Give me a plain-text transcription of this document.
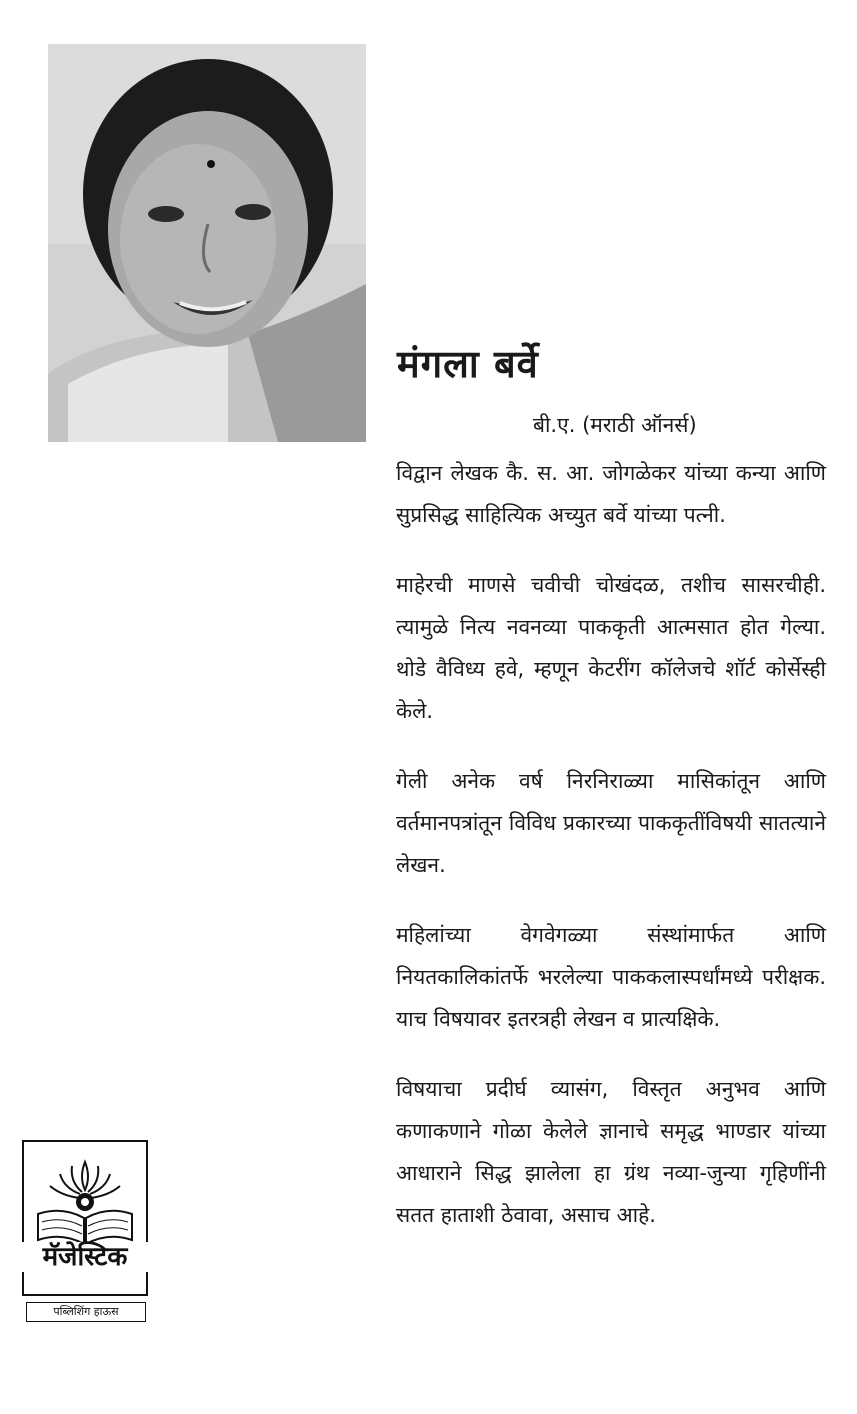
मंगला बर्वे
बी.ए. (मराठी ऑनर्स)

विद्वान लेखक कै. स. आ. जोगळेकर यांच्या कन्या आणि सुप्रसिद्ध साहित्यिक अच्युत बर्वे यांच्या पत्नी.

माहेरची माणसे चवीची चोखंदळ, तशीच सासरचीही. त्यामुळे नित्य नवनव्या पाककृती आत्मसात होत गेल्या. थोडे वैविध्य हवे, म्हणून केटरींग कॉलेजचे शॉर्ट कोर्सेस्ही केले.

गेली अनेक वर्ष निरनिराळ्या मासिकांतून आणि वर्तमानपत्रांतून विविध प्रकारच्या पाककृतींविषयी सातत्याने लेखन.

महिलांच्या वेगवेगळ्या संस्थांमार्फत आणि नियतकालिकांतर्फे भरलेल्या पाककलास्पर्धांमध्ये परीक्षक. याच विषयावर इतरत्रही लेखन व प्रात्यक्षिके.

विषयाचा प्रदीर्घ व्यासंग, विस्तृत अनुभव आणि कणाकणाने गोळा केलेले ज्ञानाचे समृद्ध भाण्डार यांच्या आधाराने सिद्ध झालेला हा ग्रंथ नव्या-जुन्या गृहिणींनी सतत हाताशी ठेवावा, असाच आहे.

मॅजेस्टिक
पब्लिशिंग हाऊस
